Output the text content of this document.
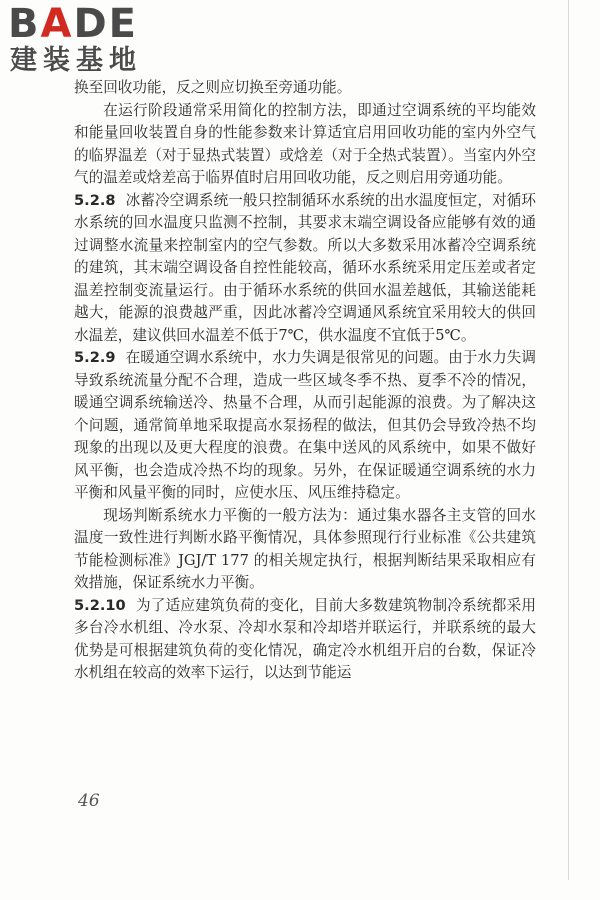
BADE
建装基地

换至回收功能，反之则应切换至旁通功能。

在运行阶段通常采用简化的控制方法，即通过空调系统的平均能效和能量回收装置自身的性能参数来计算适宜启用回收功能的室内外空气的临界温差（对于显热式装置）或焓差（对于全热式装置）。当室内外空气的温差或焓差高于临界值时启用回收功能，反之则启用旁通功能。

5.2.8 冰蓄冷空调系统一般只控制循环水系统的出水温度恒定，对循环水系统的回水温度只监测不控制，其要求末端空调设备应能够有效的通过调整水流量来控制室内的空气参数。所以大多数采用冰蓄冷空调系统的建筑，其末端空调设备自控性能较高，循环水系统采用定压差或者定温差控制变流量运行。由于循环水系统的供回水温差越低，其输送能耗越大，能源的浪费越严重，因此冰蓄冷空调通风系统宜采用较大的供回水温差，建议供回水温差不低于7℃，供水温度不宜低于5℃。

5.2.9 在暖通空调水系统中，水力失调是很常见的问题。由于水力失调导致系统流量分配不合理，造成一些区域冬季不热、夏季不冷的情况，暖通空调系统输送冷、热量不合理，从而引起能源的浪费。为了解决这个问题，通常简单地采取提高水泵扬程的做法，但其仍会导致冷热不均现象的出现以及更大程度的浪费。在集中送风的风系统中，如果不做好风平衡，也会造成冷热不均的现象。另外，在保证暖通空调系统的水力平衡和风量平衡的同时，应使水压、风压维持稳定。

现场判断系统水力平衡的一般方法为：通过集水器各主支管的回水温度一致性进行判断水路平衡情况，具体参照现行行业标准《公共建筑节能检测标准》JGJ/T 177 的相关规定执行，根据判断结果采取相应有效措施，保证系统水力平衡。

5.2.10 为了适应建筑负荷的变化，目前大多数建筑物制冷系统都采用多台冷水机组、冷水泵、冷却水泵和冷却塔并联运行，并联系统的最大优势是可根据建筑负荷的变化情况，确定冷水机组开启的台数，保证冷水机组在较高的效率下运行，以达到节能运

46
